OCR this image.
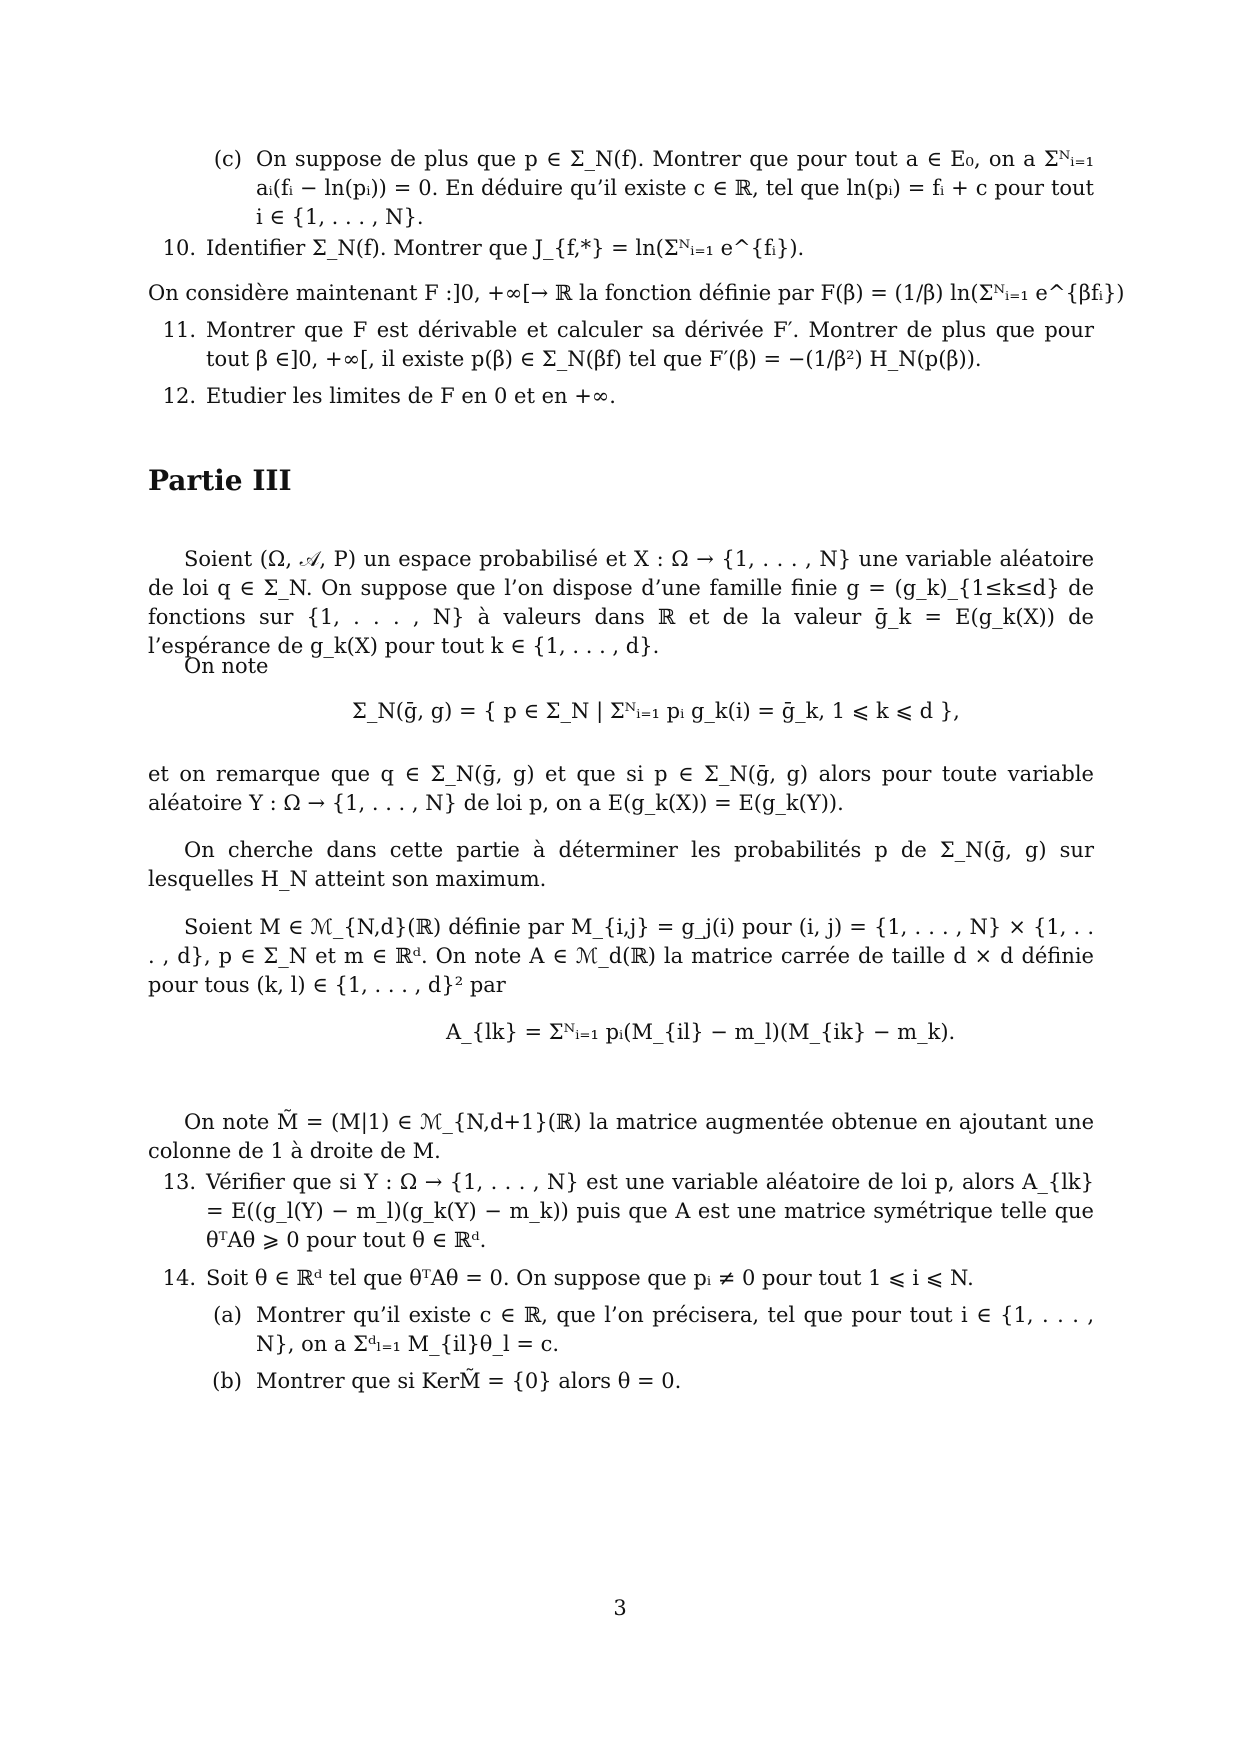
(c) On suppose de plus que p ∈ Σ_N(f). Montrer que pour tout a ∈ E₀, on a Σᴺᵢ₌₁ aᵢ(fᵢ − ln(pᵢ)) = 0. En déduire qu’il existe c ∈ ℝ, tel que ln(pᵢ) = fᵢ + c pour tout i ∈ {1, . . . , N}.
10. Identifier Σ_N(f). Montrer que J_{f,*} = ln(Σᴺᵢ₌₁ e^{fᵢ}).
On considère maintenant F :]0, +∞[→ ℝ la fonction définie par F(β) = (1/β) ln(Σᴺᵢ₌₁ e^{βfᵢ})
11. Montrer que F est dérivable et calculer sa dérivée F′. Montrer de plus que pour tout β ∈]0, +∞[, il existe p(β) ∈ Σ_N(βf) tel que F′(β) = −(1/β²) H_N(p(β)).
12. Etudier les limites de F en 0 et en +∞.
Partie III
Soient (Ω, 𝒜, P) un espace probabilisé et X : Ω → {1, . . . , N} une variable aléatoire de loi q ∈ Σ_N. On suppose que l’on dispose d’une famille finie g = (g_k)_{1≤k≤d} de fonctions sur {1, . . . , N} à valeurs dans ℝ et de la valeur ḡ_k = E(g_k(X)) de l’espérance de g_k(X) pour tout k ∈ {1, . . . , d}.
On note
Σ_N(ḡ, g) = { p ∈ Σ_N | Σᴺᵢ₌₁ pᵢ g_k(i) = ḡ_k, 1 ⩽ k ⩽ d },
et on remarque que q ∈ Σ_N(ḡ, g) et que si p ∈ Σ_N(ḡ, g) alors pour toute variable aléatoire Y : Ω → {1, . . . , N} de loi p, on a E(g_k(X)) = E(g_k(Y)).
On cherche dans cette partie à déterminer les probabilités p de Σ_N(ḡ, g) sur lesquelles H_N atteint son maximum.
Soient M ∈ ℳ_{N,d}(ℝ) définie par M_{i,j} = g_j(i) pour (i, j) = {1, . . . , N} × {1, . . . , d}, p ∈ Σ_N et m ∈ ℝᵈ. On note A ∈ ℳ_d(ℝ) la matrice carrée de taille d × d définie pour tous (k, l) ∈ {1, . . . , d}² par
A_{lk} = Σᴺᵢ₌₁ pᵢ(M_{il} − m_l)(M_{ik} − m_k).
On note M̃ = (M|1) ∈ ℳ_{N,d+1}(ℝ) la matrice augmentée obtenue en ajoutant une colonne de 1 à droite de M.
13. Vérifier que si Y : Ω → {1, . . . , N} est une variable aléatoire de loi p, alors A_{lk} = E((g_l(Y) − m_l)(g_k(Y) − m_k)) puis que A est une matrice symétrique telle que θᵀAθ ⩾ 0 pour tout θ ∈ ℝᵈ.
14. Soit θ ∈ ℝᵈ tel que θᵀAθ = 0. On suppose que pᵢ ≠ 0 pour tout 1 ⩽ i ⩽ N.
(a) Montrer qu’il existe c ∈ ℝ, que l’on précisera, tel que pour tout i ∈ {1, . . . , N}, on a Σᵈₗ₌₁ M_{il}θ_l = c.
(b) Montrer que si KerM̃ = {0} alors θ = 0.
3
